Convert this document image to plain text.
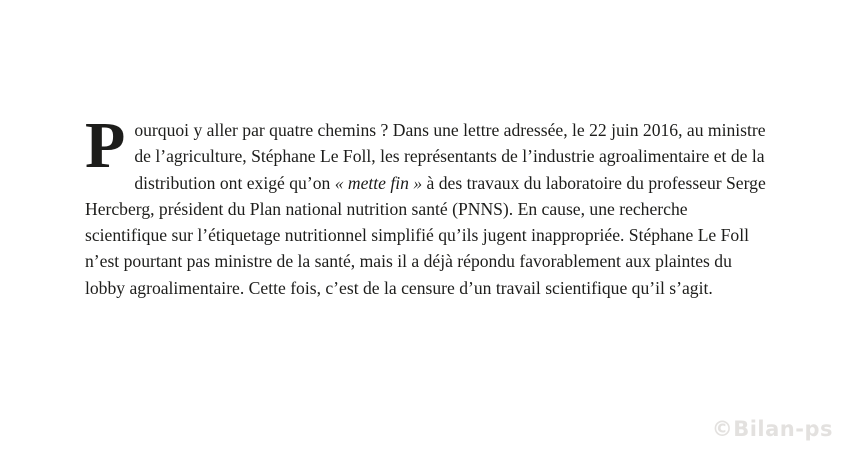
Pourquoi y aller par quatre chemins ? Dans une lettre adressée, le 22 juin 2016, au ministre de l’agriculture, Stéphane Le Foll, les représentants de l’industrie agroalimentaire et de la distribution ont exigé qu’on « mette fin » à des travaux du laboratoire du professeur Serge Hercberg, président du Plan national nutrition santé (PNNS). En cause, une recherche scientifique sur l’étiquetage nutritionnel simplifié qu’ils jugent inappropriée. Stéphane Le Foll n’est pourtant pas ministre de la santé, mais il a déjà répondu favorablement aux plaintes du lobby agroalimentaire. Cette fois, c’est de la censure d’un travail scientifique qu’il s’agit.

©Bilan-ps
